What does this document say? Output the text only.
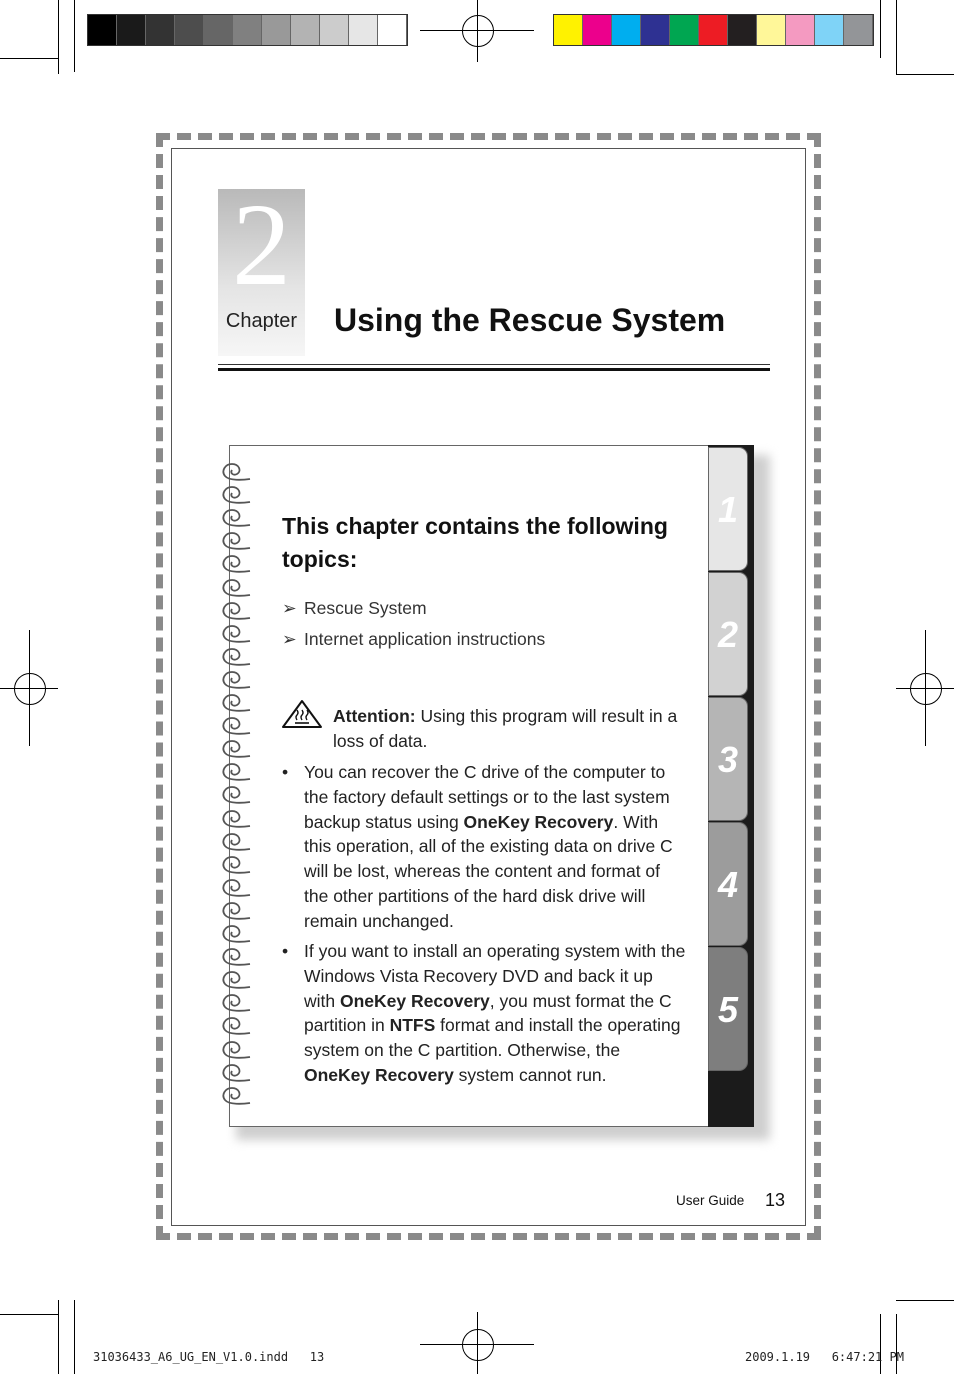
2
Chapter Using the Rescue System
1
2
3
4
5
This chapter contains the following topics:
➢ Rescue System
➢ Internet application instructions
Attention: Using this program will result in a loss of data.
• You can recover the C drive of the computer to the factory default settings or to the last system backup status using OneKey Recovery. With this operation, all of the existing data on drive C will be lost, whereas the content and format of the other partitions of the hard disk drive will remain unchanged.
• If you want to install an operating system with the Windows Vista Recovery DVD and back it up with OneKey Recovery, you must format the C partition in NTFS format and install the operating system on the C partition. Otherwise, the OneKey Recovery system cannot run.
User Guide 13
31036433_A6_UG_EN_V1.0.indd   13	2009.1.19   6:47:21 PM
